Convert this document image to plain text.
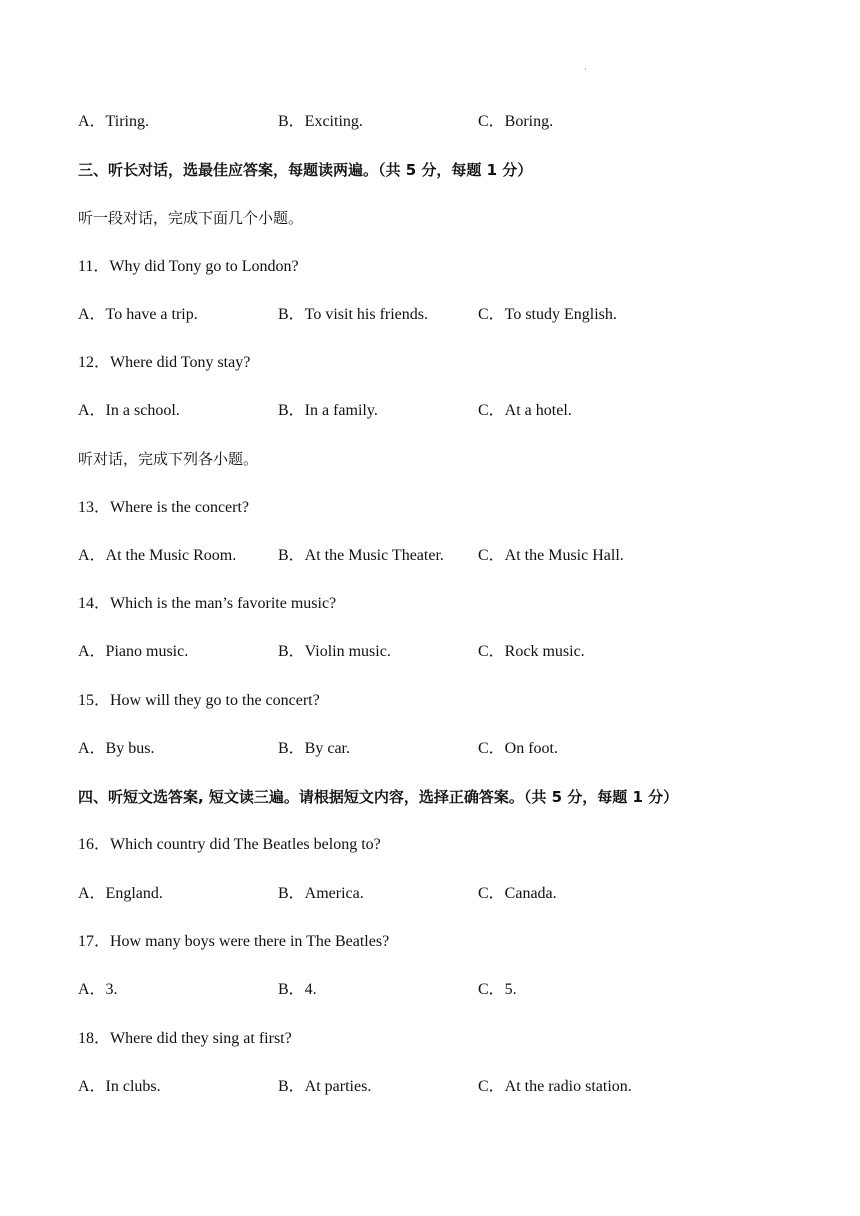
·
A．Tiring.	B．Exciting.	C．Boring.
三、听长对话，选最佳应答案，每题读两遍。（共 5 分，每题 1 分）
听一段对话，完成下面几个小题。
11．Why did Tony go to London?
A．To have a trip.	B．To visit his friends.	C．To study English.
12．Where did Tony stay?
A．In a school.	B．In a family.	C．At a hotel.
听对话，完成下列各小题。
13．Where is the concert?
A．At the Music Room.	B．At the Music Theater. C．At the Music Hall.
14．Which is the man’s favorite music?
A．Piano music.	B．Violin music.	C．Rock music.
15．How will they go to the concert?
A．By bus.	B．By car.	C．On foot.
四、听短文选答案, 短文读三遍。请根据短文内容，选择正确答案。（共 5 分，每题 1 分）
16．Which country did The Beatles belong to?
A．England.	B．America.	C．Canada.
17．How many boys were there in The Beatles?
A．3.	B．4.	C．5.
18．Where did they sing at first?
A．In clubs.	B．At parties.	C．At the radio station.
